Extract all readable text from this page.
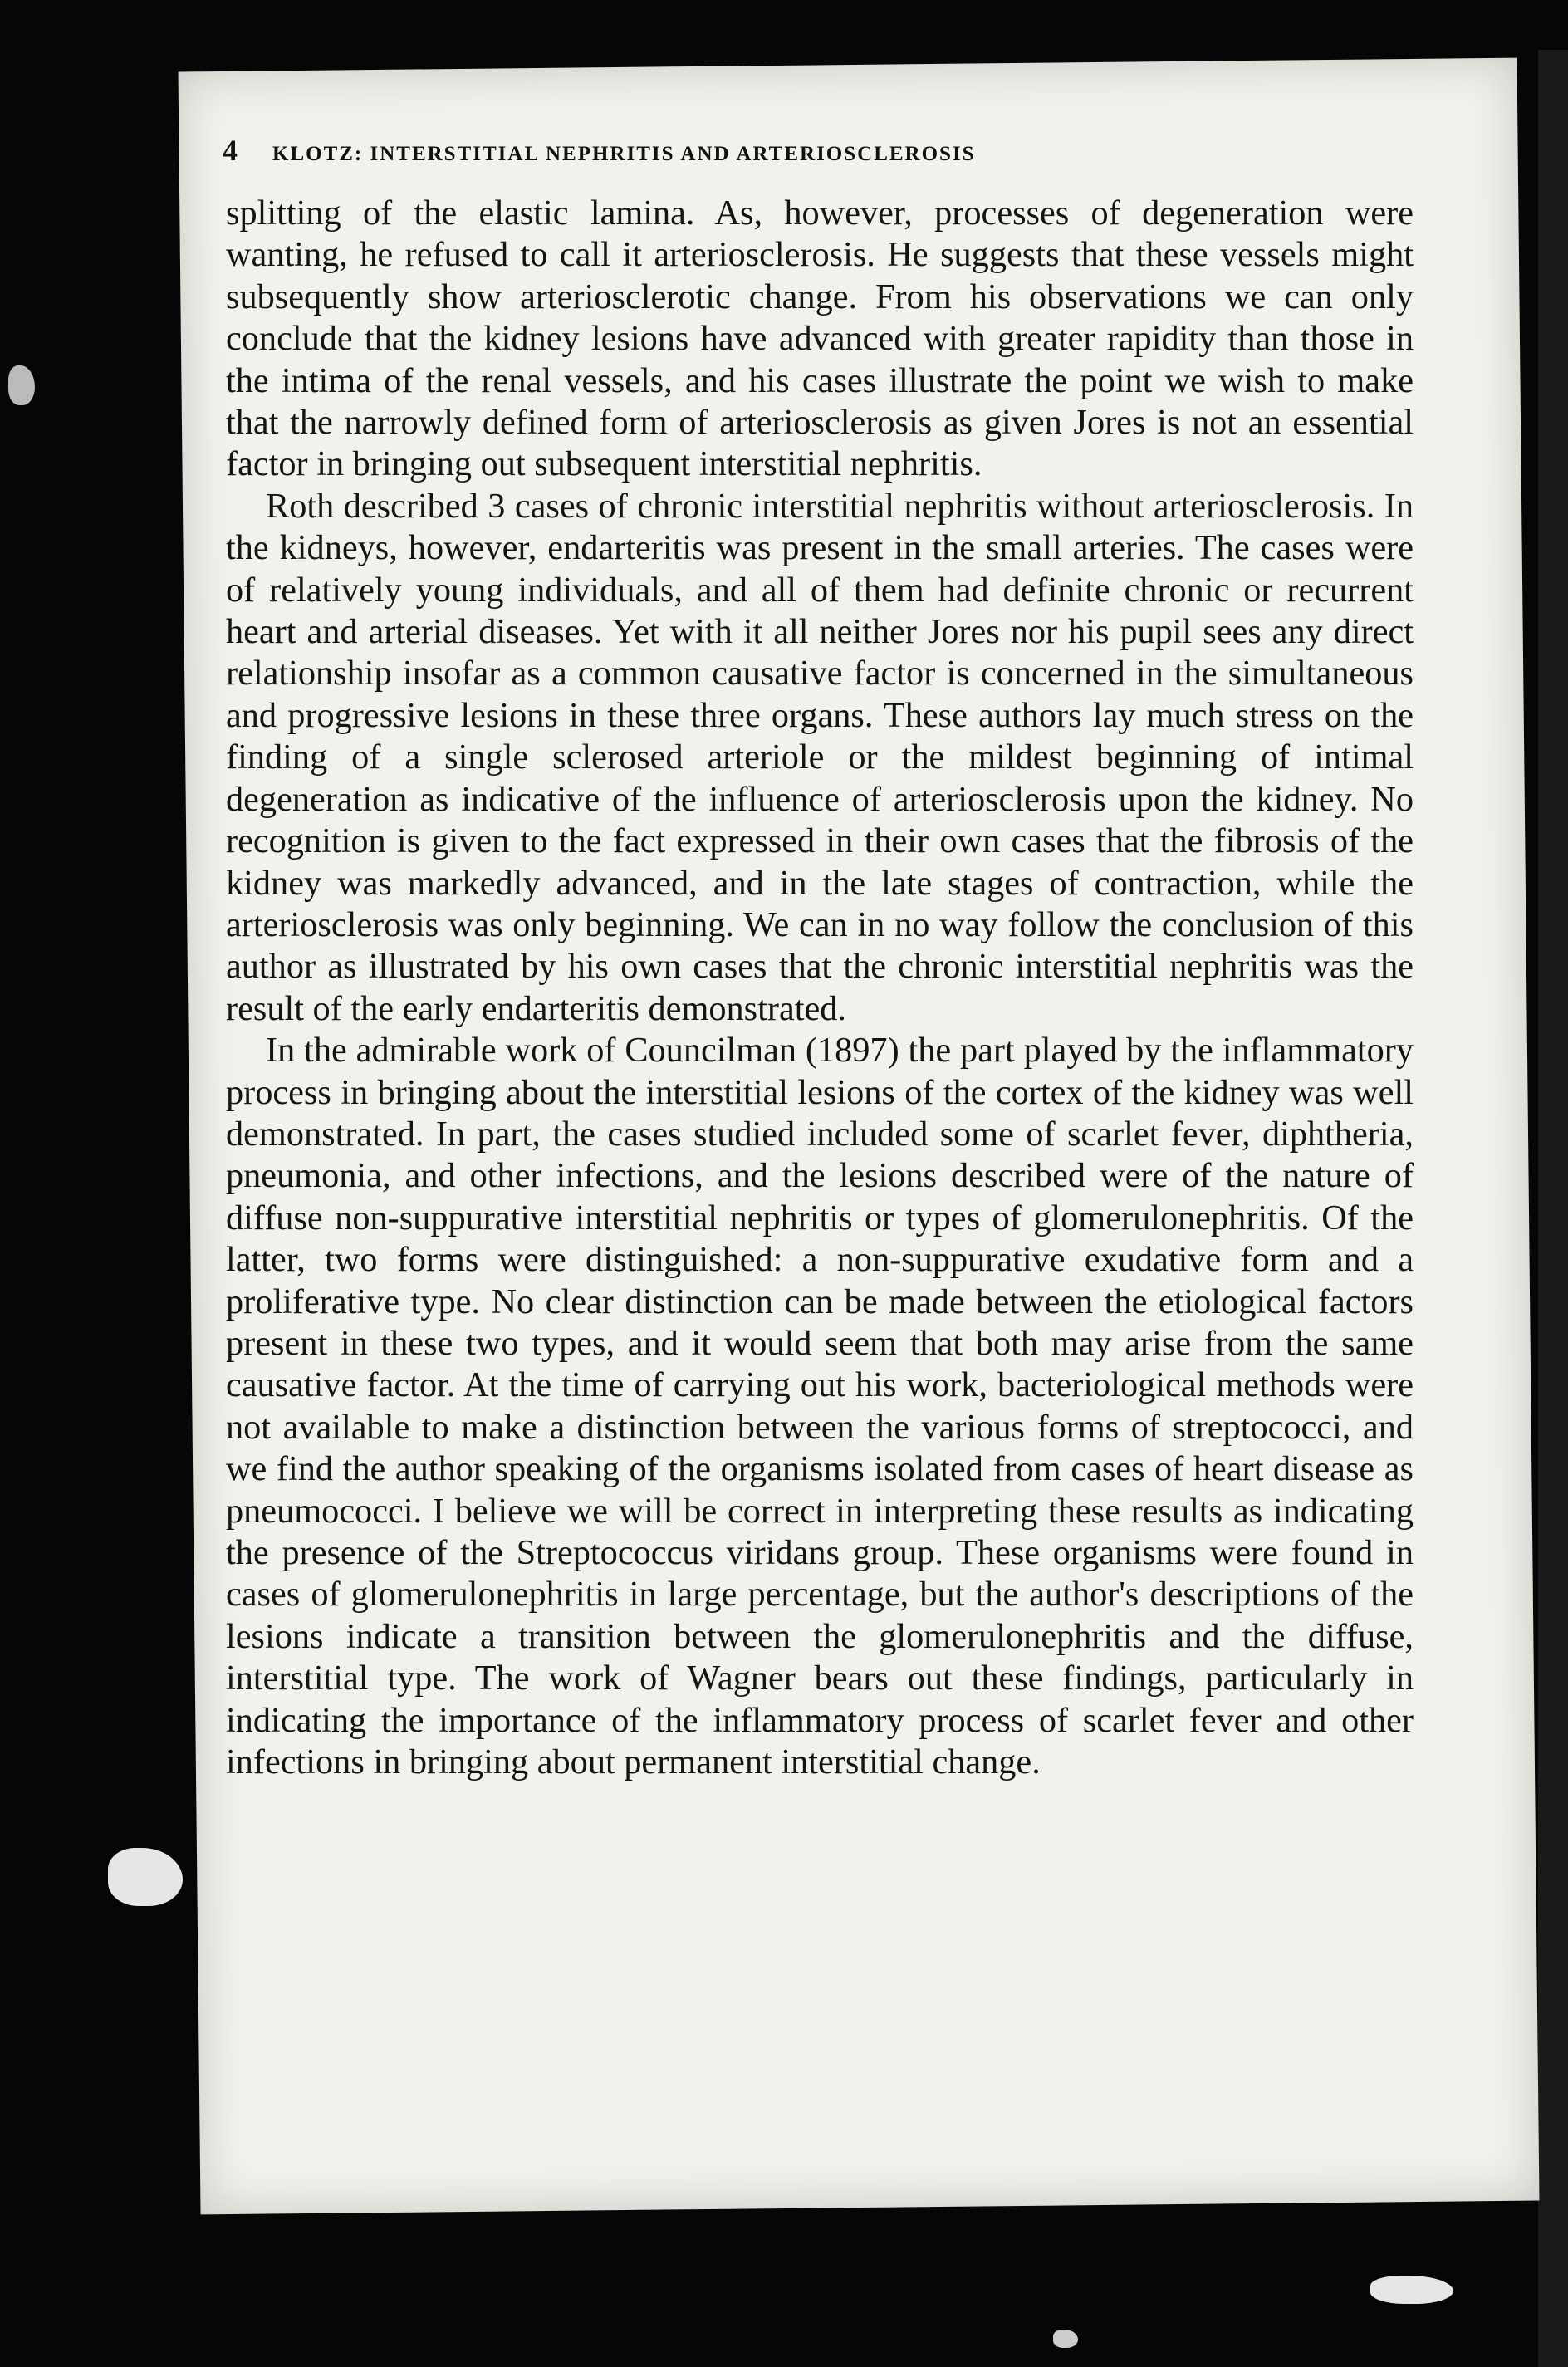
4	KLOTZ: INTERSTITIAL NEPHRITIS AND ARTERIOSCLEROSIS

splitting of the elastic lamina. As, however, processes of degeneration were wanting, he refused to call it arteriosclerosis. He suggests that these vessels might subsequently show arteriosclerotic change. From his observations we can only conclude that the kidney lesions have advanced with greater rapidity than those in the intima of the renal vessels, and his cases illustrate the point we wish to make that the narrowly defined form of arteriosclerosis as given Jores is not an essential factor in bringing out subsequent interstitial nephritis.

Roth described 3 cases of chronic interstitial nephritis without arteriosclerosis. In the kidneys, however, endarteritis was present in the small arteries. The cases were of relatively young individuals, and all of them had definite chronic or recurrent heart and arterial diseases. Yet with it all neither Jores nor his pupil sees any direct relationship insofar as a common causative factor is concerned in the simultaneous and progressive lesions in these three organs. These authors lay much stress on the finding of a single sclerosed arteriole or the mildest beginning of intimal degeneration as indicative of the influence of arteriosclerosis upon the kidney. No recognition is given to the fact expressed in their own cases that the fibrosis of the kidney was markedly advanced, and in the late stages of contraction, while the arteriosclerosis was only beginning. We can in no way follow the conclusion of this author as illustrated by his own cases that the chronic interstitial nephritis was the result of the early endarteritis demonstrated.

In the admirable work of Councilman (1897) the part played by the inflammatory process in bringing about the interstitial lesions of the cortex of the kidney was well demonstrated. In part, the cases studied included some of scarlet fever, diphtheria, pneumonia, and other infections, and the lesions described were of the nature of diffuse non-suppurative interstitial nephritis or types of glomerulonephritis. Of the latter, two forms were distinguished: a non-suppurative exudative form and a proliferative type. No clear distinction can be made between the etiological factors present in these two types, and it would seem that both may arise from the same causative factor. At the time of carrying out his work, bacteriological methods were not available to make a distinction between the various forms of streptococci, and we find the author speaking of the organisms isolated from cases of heart disease as pneumococci. I believe we will be correct in interpreting these results as indicating the presence of the Streptococcus viridans group. These organisms were found in cases of glomerulonephritis in large percentage, but the author's descriptions of the lesions indicate a transition between the glomerulonephritis and the diffuse, interstitial type. The work of Wagner bears out these findings, particularly in indicating the importance of the inflammatory process of scarlet fever and other infections in bringing about permanent interstitial change.
